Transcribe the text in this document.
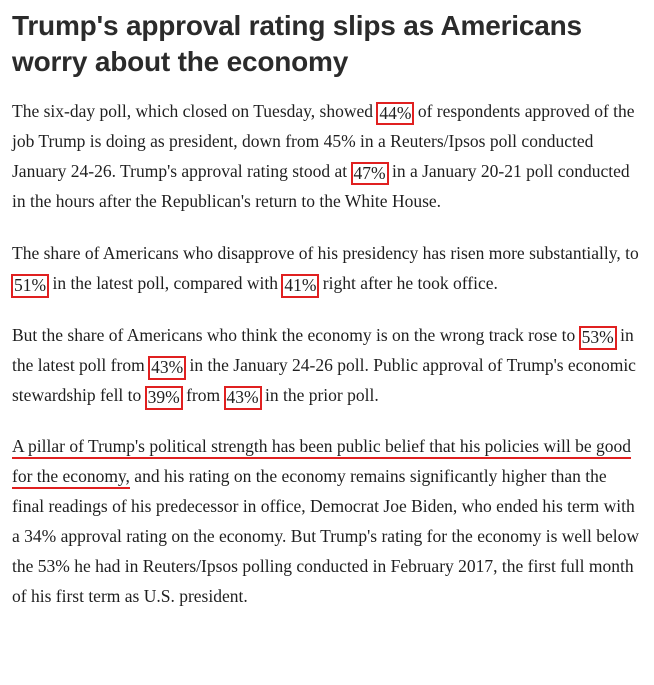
Trump's approval rating slips as Americans worry about the economy

The six-day poll, which closed on Tuesday, showed 44% of respondents approved of the job Trump is doing as president, down from 45% in a Reuters/Ipsos poll conducted January 24-26. Trump's approval rating stood at 47% in a January 20-21 poll conducted in the hours after the Republican's return to the White House.

The share of Americans who disapprove of his presidency has risen more substantially, to 51% in the latest poll, compared with 41% right after he took office.

But the share of Americans who think the economy is on the wrong track rose to 53% in the latest poll from 43% in the January 24-26 poll. Public approval of Trump's economic stewardship fell to 39% from 43% in the prior poll.

A pillar of Trump's political strength has been public belief that his policies will be good for the economy, and his rating on the economy remains significantly higher than the final readings of his predecessor in office, Democrat Joe Biden, who ended his term with a 34% approval rating on the economy. But Trump's rating for the economy is well below the 53% he had in Reuters/Ipsos polling conducted in February 2017, the first full month of his first term as U.S. president.
